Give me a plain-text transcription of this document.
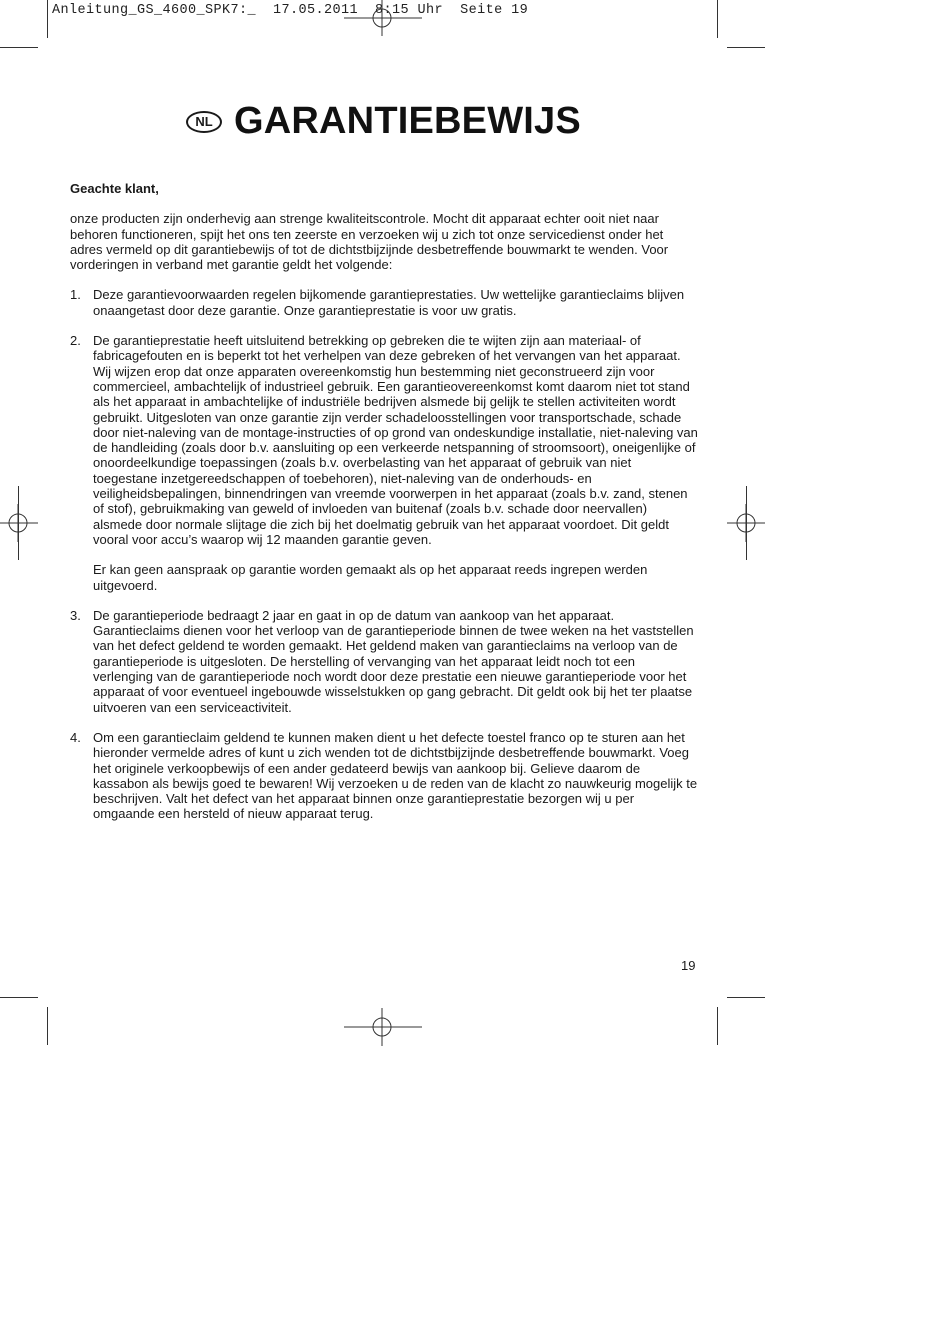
Anleitung_GS_4600_SPK7:_  17.05.2011  8:15 Uhr  Seite 19
NL GARANTIEBEWIJS

Geachte klant,

onze producten zijn onderhevig aan strenge kwaliteitscontrole. Mocht dit apparaat echter ooit niet naar behoren functioneren, spijt het ons ten zeerste en verzoeken wij u zich tot onze servicedienst onder het adres vermeld op dit garantiebewijs of tot de dichtstbijzijnde desbetreffende bouwmarkt te wenden. Voor vorderingen in verband met garantie geldt het volgende:

1. Deze garantievoorwaarden regelen bijkomende garantieprestaties. Uw wettelijke garantieclaims blijven onaangetast door deze garantie. Onze garantieprestatie is voor uw gratis.

2. De garantieprestatie heeft uitsluitend betrekking op gebreken die te wijten zijn aan materiaal- of fabricagefouten en is beperkt tot het verhelpen van deze gebreken of het vervangen van het apparaat. Wij wijzen erop dat onze apparaten overeenkomstig hun bestemming niet geconstrueerd zijn voor commercieel, ambachtelijk of industrieel gebruik. Een garantieovereenkomst komt daarom niet tot stand als het apparaat in ambachtelijke of industriële bedrijven alsmede bij gelijk te stellen activiteiten wordt gebruikt. Uitgesloten van onze garantie zijn verder schadeloosstellingen voor transportschade, schade door niet-naleving van de montage-instructies of op grond van ondeskundige installatie, niet-naleving van de handleiding (zoals door b.v. aansluiting op een verkeerde netspanning of stroomsoort), oneigenlijke of onoordeelkundige toepassingen (zoals b.v. overbelasting van het apparaat of gebruik van niet toegestane inzetgereedschappen of toebehoren), niet-naleving van de onderhouds- en veiligheidsbepalingen, binnendringen van vreemde voorwerpen in het apparaat (zoals b.v. zand, stenen of stof), gebruikmaking van geweld of invloeden van buitenaf (zoals b.v. schade door neervallen) alsmede door normale slijtage die zich bij het doelmatig gebruik van het apparaat voordoet. Dit geldt vooral voor accu’s waarop wij 12 maanden garantie geven.

Er kan geen aanspraak op garantie worden gemaakt als op het apparaat reeds ingrepen werden uitgevoerd.

3. De garantieperiode bedraagt 2 jaar en gaat in op de datum van aankoop van het apparaat. Garantieclaims dienen voor het verloop van de garantieperiode binnen de twee weken na het vaststellen van het defect geldend te worden gemaakt. Het geldend maken van garantieclaims na verloop van de garantieperiode is uitgesloten. De herstelling of vervanging van het apparaat leidt noch tot een verlenging van de garantieperiode noch wordt door deze prestatie een nieuwe garantieperiode voor het apparaat of voor eventueel ingebouwde wisselstukken op gang gebracht. Dit geldt ook bij het ter plaatse uitvoeren van een serviceactiviteit.

4. Om een garantieclaim geldend te kunnen maken dient u het defecte toestel franco op te sturen aan het hieronder vermelde adres of kunt u zich wenden tot de dichtstbijzijnde desbetreffende bouwmarkt. Voeg het originele verkoopbewijs of een ander gedateerd bewijs van aankoop bij. Gelieve daarom de kassabon als bewijs goed te bewaren! Wij verzoeken u de reden van de klacht zo nauwkeurig mogelijk te beschrijven. Valt het defect van het apparaat binnen onze garantieprestatie bezorgen wij u per omgaande een hersteld of nieuw apparaat terug.

19
